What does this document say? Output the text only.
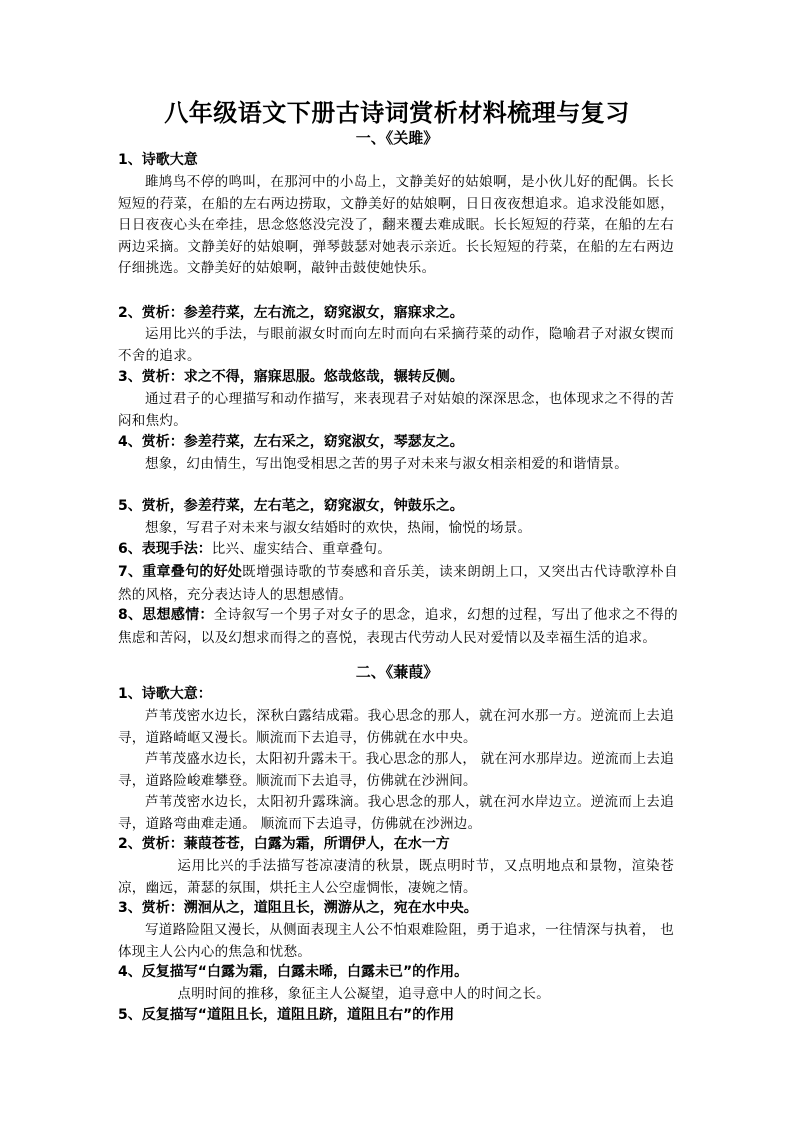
八年级语文下册古诗词赏析材料梳理与复习
一、《关雎》
1、诗歌大意
雎鸠鸟不停的鸣叫，在那河中的小岛上，文静美好的姑娘啊，是小伙儿好的配偶。长长短短的荇菜，在船的左右两边捞取，文静美好的姑娘啊，日日夜夜想追求。追求没能如愿，日日夜夜心头在牵挂，思念悠悠没完没了，翻来覆去难成眠。长长短短的荇菜，在船的左右两边采摘。文静美好的姑娘啊，弹琴鼓瑟对她表示亲近。长长短短的荇菜，在船的左右两边仔细挑选。文静美好的姑娘啊，敲钟击鼓使她快乐。
2、赏析：参差荇菜，左右流之，窈窕淑女，寤寐求之。
运用比兴的手法，与眼前淑女时而向左时而向右采摘荇菜的动作，隐喻君子对淑女锲而不舍的追求。
3、赏析：求之不得，寤寐思服。悠哉悠哉，辗转反侧。
通过君子的心理描写和动作描写，来表现君子对姑娘的深深思念，也体现求之不得的苦闷和焦灼。
4、赏析：参差荇菜，左右采之，窈窕淑女，琴瑟友之。
想象，幻由情生，写出饱受相思之苦的男子对未来与淑女相亲相爱的和谐情景。
5、赏析，参差荇菜，左右芼之，窈窕淑女，钟鼓乐之。
想象，写君子对未来与淑女结婚时的欢快，热闹，愉悦的场景。
6、表现手法：比兴、虚实结合、重章叠句。
7、重章叠句的好处既增强诗歌的节奏感和音乐美，读来朗朗上口，又突出古代诗歌淳朴自然的风格，充分表达诗人的思想感情。
8、思想感情：全诗叙写一个男子对女子的思念，追求，幻想的过程，写出了他求之不得的焦虑和苦闷，以及幻想求而得之的喜悦，表现古代劳动人民对爱情以及幸福生活的追求。
二、《蒹葭》
1、诗歌大意：
芦苇茂密水边长，深秋白露结成霜。我心思念的那人，就在河水那一方。逆流而上去追寻，道路崎岖又漫长。顺流而下去追寻，仿佛就在水中央。
芦苇茂盛水边长，太阳初升露未干。我心思念的那人， 就在河水那岸边。逆流而上去追寻，道路险峻难攀登。顺流而下去追寻，仿佛就在沙洲间。
芦苇茂密水边长，太阳初升露珠滴。我心思念的那人，就在河水岸边立。逆流而上去追寻，道路弯曲难走通。 顺流而下去追寻，仿佛就在沙洲边。
2、赏析：蒹葭苍苍，白露为霜，所谓伊人，在水一方
运用比兴的手法描写苍凉凄清的秋景，既点明时节，又点明地点和景物，渲染苍凉，幽远，萧瑟的氛围，烘托主人公空虚惆怅，凄婉之情。
3、赏析：溯洄从之，道阻且长，溯游从之，宛在水中央。
写道路险阻又漫长，从侧面表现主人公不怕艰难险阻，勇于追求，一往情深与执着， 也体现主人公内心的焦急和忧愁。
4、反复描写“白露为霜，白露未晞，白露未已”的作用。
点明时间的推移，象征主人公凝望，追寻意中人的时间之长。
5、反复描写“道阻且长，道阻且跻，道阻且右”的作用
